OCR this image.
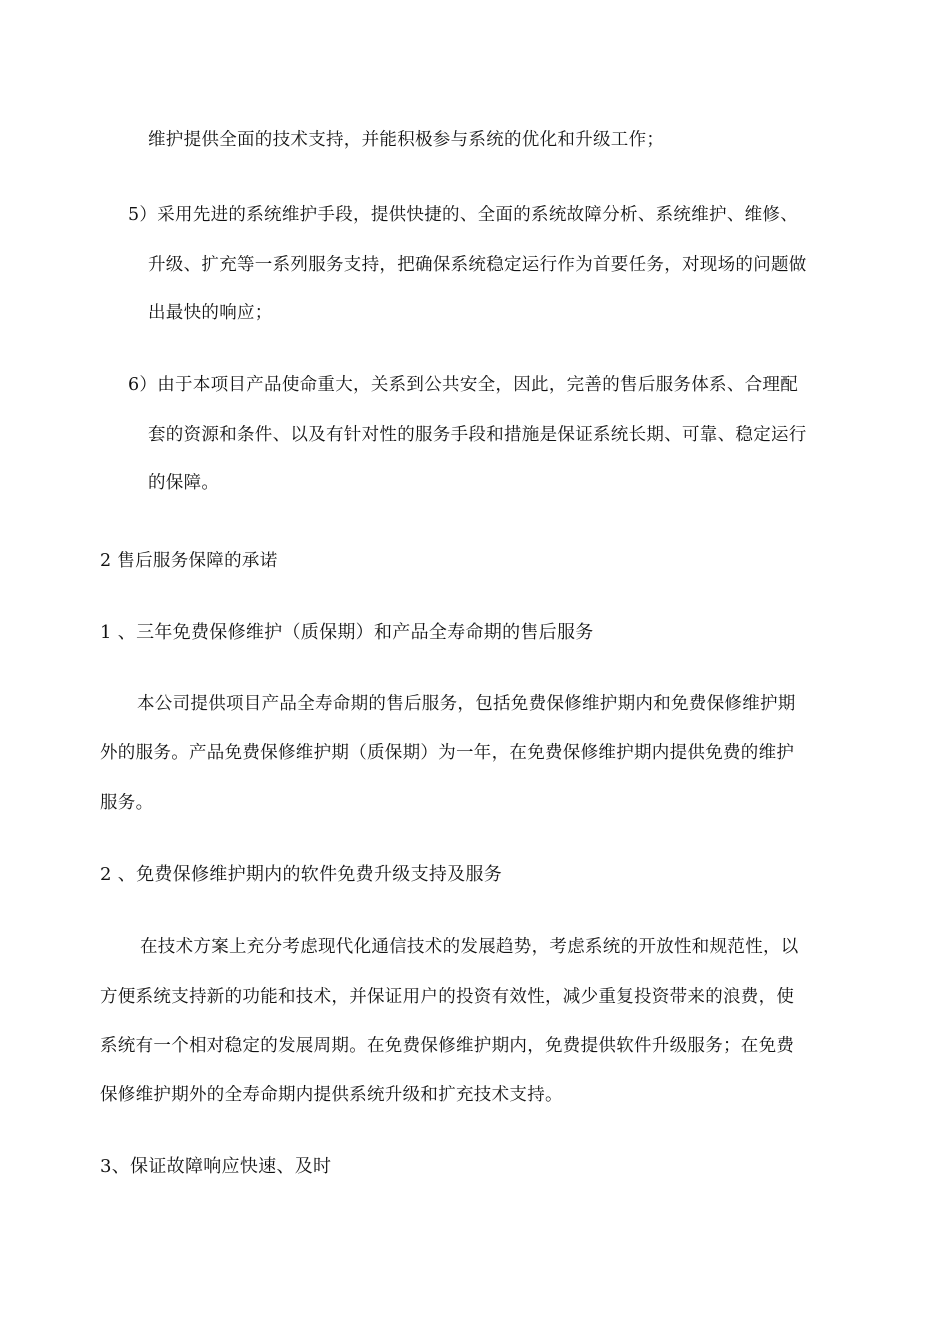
维护提供全面的技术支持，并能积极参与系统的优化和升级工作；
5）采用先进的系统维护手段，提供快捷的、全面的系统故障分析、系统维护、维修、
升级、扩充等一系列服务支持，把确保系统稳定运行作为首要任务，对现场的问题做
出最快的响应；
6）由于本项目产品使命重大，关系到公共安全，因此，完善的售后服务体系、合理配
套的资源和条件、以及有针对性的服务手段和措施是保证系统长期、可靠、稳定运行
的保障。
2 售后服务保障的承诺
1 、三年免费保修维护（质保期）和产品全寿命期的售后服务
本公司提供项目产品全寿命期的售后服务，包括免费保修维护期内和免费保修维护期
外的服务。产品免费保修维护期（质保期）为一年，在免费保修维护期内提供免费的维护
服务。
2 、免费保修维护期内的软件免费升级支持及服务
在技术方案上充分考虑现代化通信技术的发展趋势，考虑系统的开放性和规范性，以
方便系统支持新的功能和技术，并保证用户的投资有效性，减少重复投资带来的浪费，使
系统有一个相对稳定的发展周期。在免费保修维护期内，免费提供软件升级服务；在免费
保修维护期外的全寿命期内提供系统升级和扩充技术支持。
3、保证故障响应快速、及时
